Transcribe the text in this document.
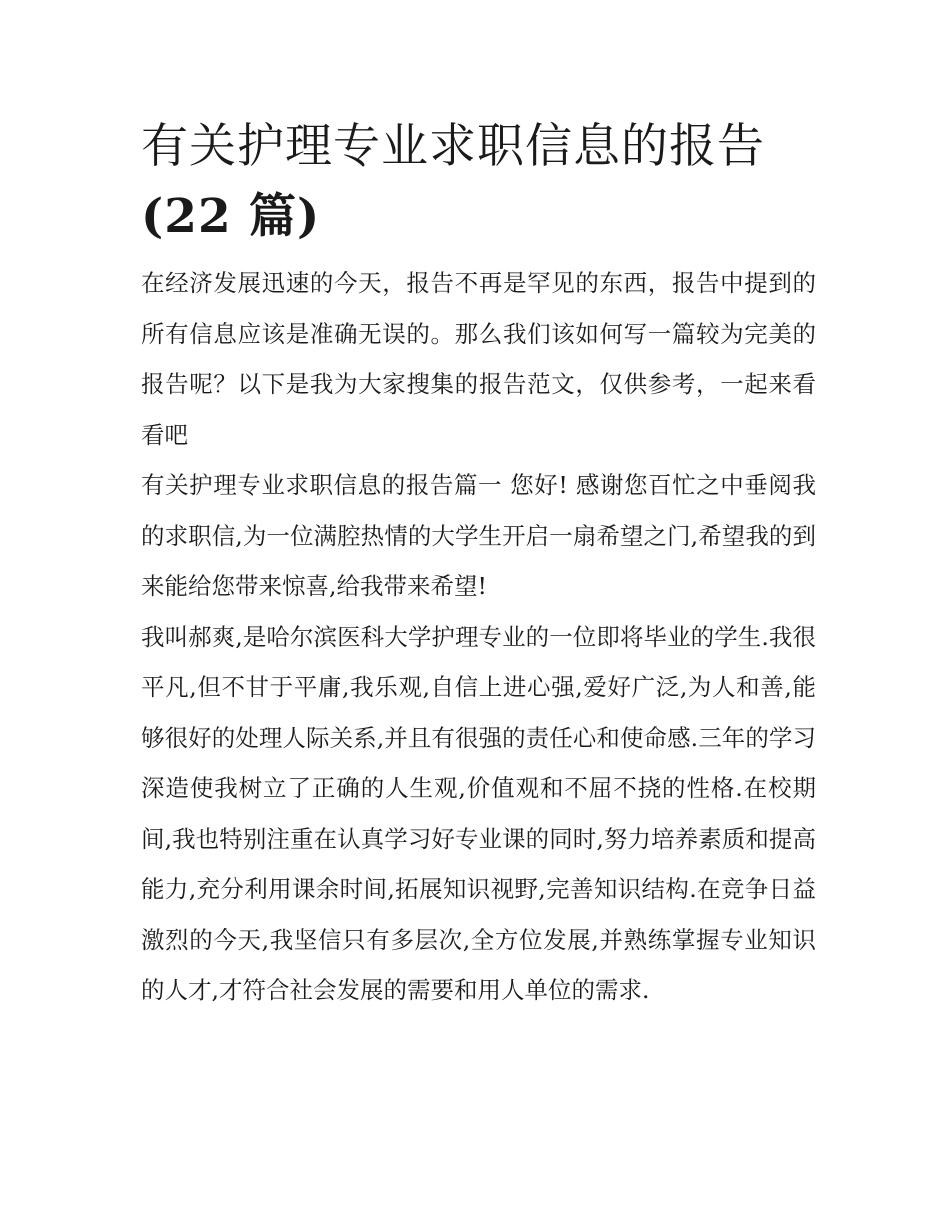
有关护理专业求职信息的报告
(22 篇)

在经济发展迅速的今天，报告不再是罕见的东西，报告中提到的所有信息应该是准确无误的。那么我们该如何写一篇较为完美的报告呢？以下是我为大家搜集的报告范文，仅供参考，一起来看看吧

有关护理专业求职信息的报告篇一 您好! 感谢您百忙之中垂阅我的求职信,为一位满腔热情的大学生开启一扇希望之门,希望我的到来能给您带来惊喜,给我带来希望!

我叫郝爽,是哈尔滨医科大学护理专业的一位即将毕业的学生.我很平凡,但不甘于平庸,我乐观,自信上进心强,爱好广泛,为人和善,能够很好的处理人际关系,并且有很强的责任心和使命感.三年的学习深造使我树立了正确的人生观,价值观和不屈不挠的性格.在校期间,我也特别注重在认真学习好专业课的同时,努力培养素质和提高能力,充分利用课余时间,拓展知识视野,完善知识结构.在竞争日益激烈的今天,我坚信只有多层次,全方位发展,并熟练掌握专业知识的人才,才符合社会发展的需要和用人单位的需求.
